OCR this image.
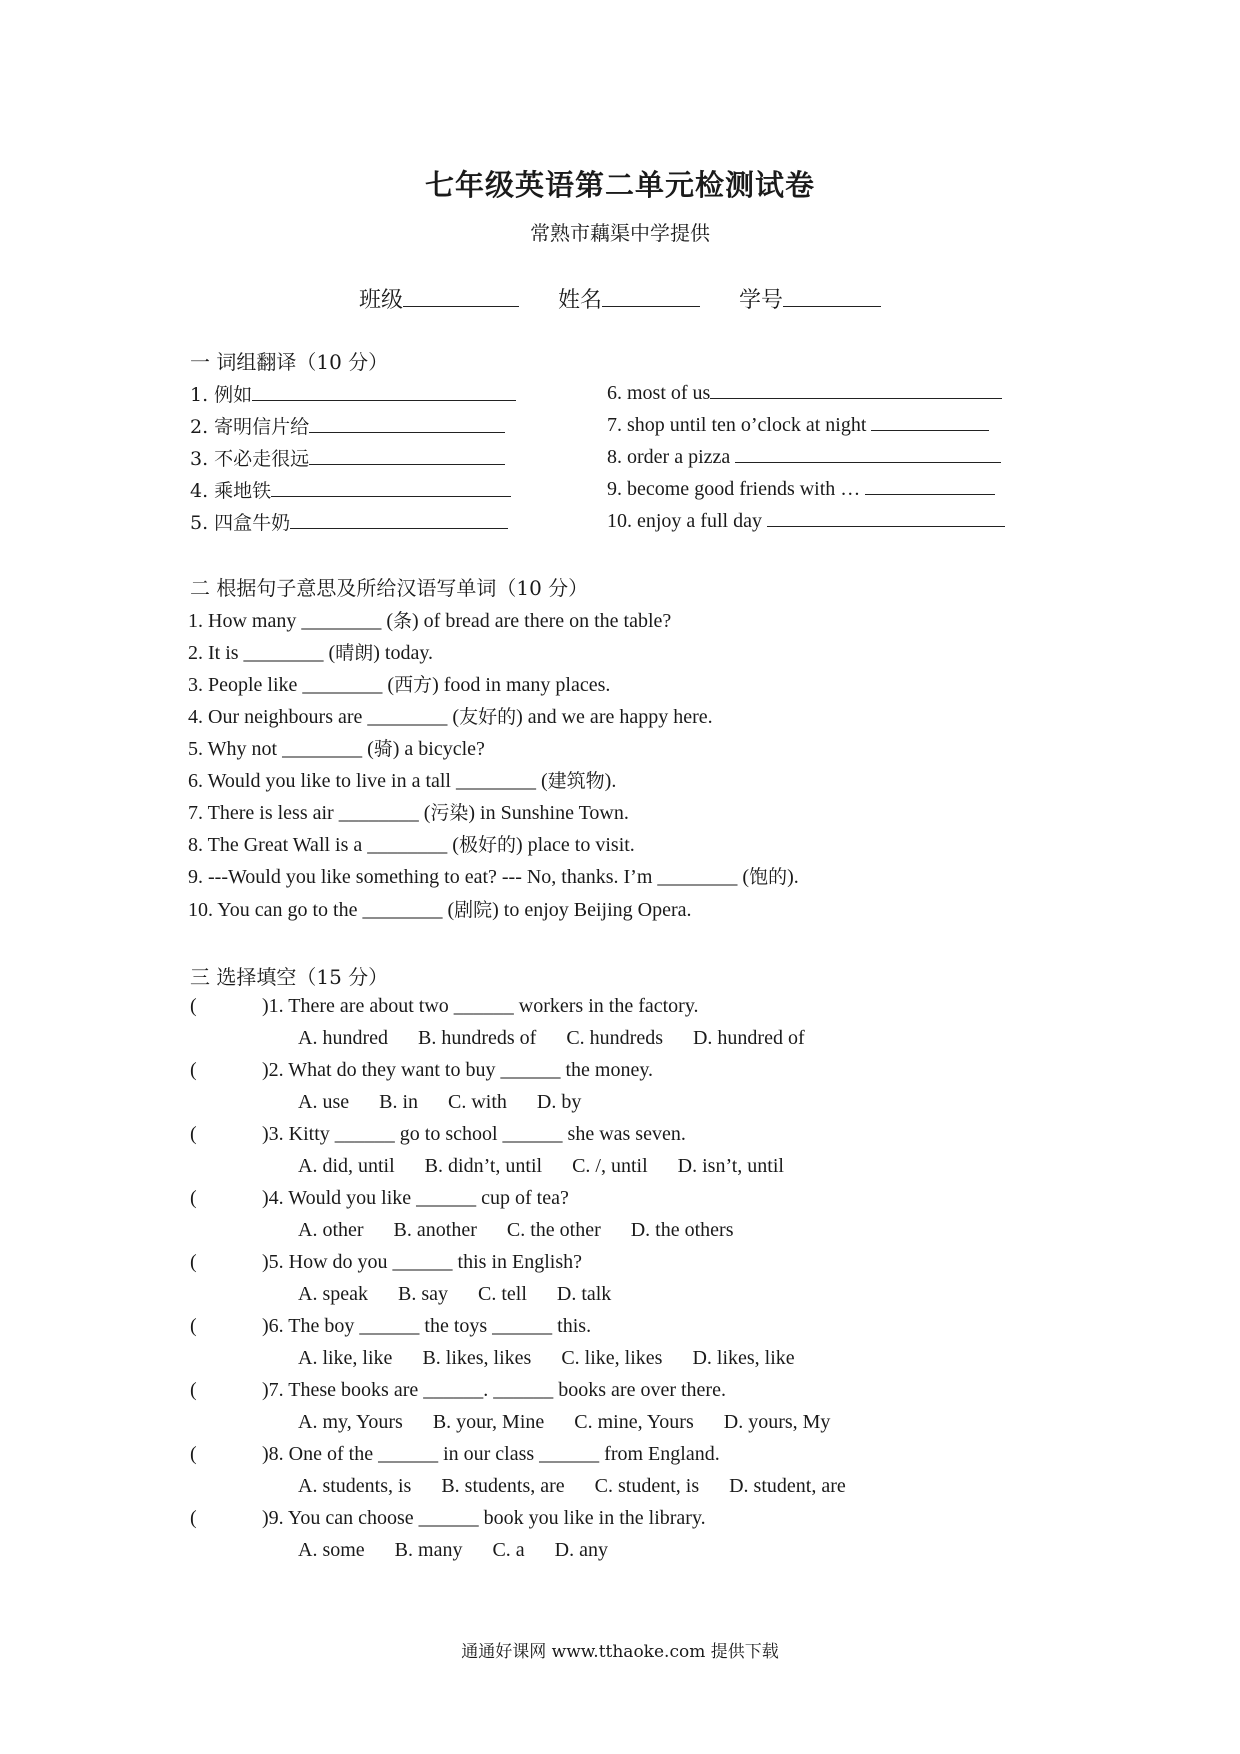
七年级英语第二单元检测试卷
常熟市藕渠中学提供
班级	姓名	学号
一 词组翻译（10 分）
1. 例如
2. 寄明信片给
3. 不必走很远
4. 乘地铁
5. 四盒牛奶
6. most of us
7. shop until ten o’clock at night
8. order a pizza
9. become good friends with …
10. enjoy a full day
二 根据句子意思及所给汉语写单词（10 分）
1. How many ________ (条) of bread are there on the table?
2. It is ________ (晴朗) today.
3. People like ________ (西方) food in many places.
4. Our neighbours are ________ (友好的) and we are happy here.
5. Why not ________ (骑) a bicycle?
6. Would you like to live in a tall ________ (建筑物).
7. There is less air ________ (污染) in Sunshine Town.
8. The Great Wall is a ________ (极好的) place to visit.
9. ---Would you like something to eat? --- No, thanks. I’m ________ (饱的).
10. You can go to the ________ (剧院) to enjoy Beijing Opera.
三 选择填空（15 分）
(	)1. There are about two ______ workers in the factory.
A. hundred B. hundreds of C. hundreds D. hundred of
(	)2. What do they want to buy ______ the money.
A. use B. in C. with D. by
(	)3. Kitty ______ go to school ______ she was seven.
A. did, until B. didn’t, until C. /, until D. isn’t, until
(	)4. Would you like ______ cup of tea?
A. other B. another C. the other D. the others
(	)5. How do you ______ this in English?
A. speak B. say C. tell D. talk
(	)6. The boy ______ the toys ______ this.
A. like, like B. likes, likes C. like, likes D. likes, like
(	)7. These books are ______. ______ books are over there.
A. my, Yours B. your, Mine C. mine, Yours D. yours, My
(	)8. One of the ______ in our class ______ from England.
A. students, is B. students, are C. student, is D. student, are
(	)9. You can choose ______ book you like in the library.
A. some B. many C. a D. any
通通好课网 www.tthaoke.com 提供下载
